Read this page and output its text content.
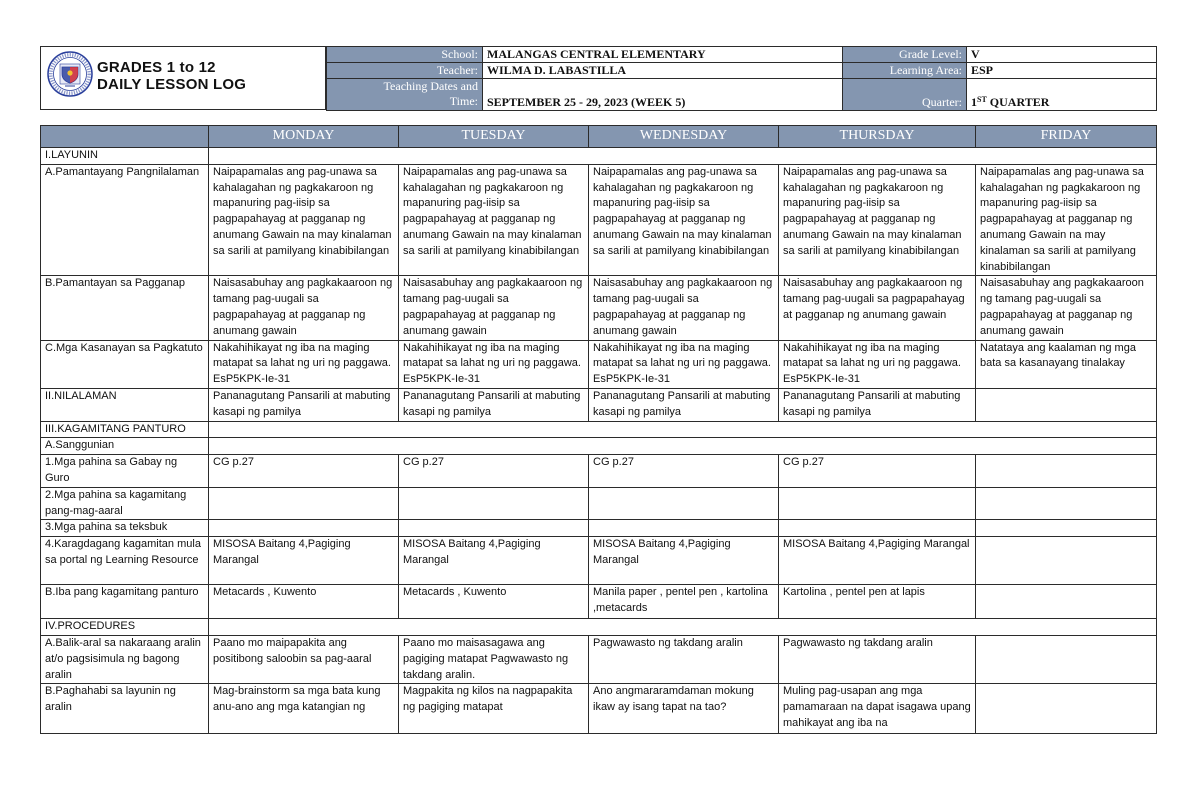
GRADES 1 to 12
DAILY LESSON LOG
School:	MALANGAS CENTRAL ELEMENTARY	Grade Level:	V
Teacher:	WILMA D. LABASTILLA	Learning Area:	ESP
Teaching Dates and
Time:	SEPTEMBER 25 - 29, 2023 (WEEK 5)	Quarter:	1ST QUARTER
	MONDAY	TUESDAY	WEDNESDAY	THURSDAY	FRIDAY
I.LAYUNIN					
A.Pamantayang Pangnilalaman	Naipapamalas ang pag-unawa sa kahalagahan ng pagkakaroon ng mapanuring pag-iisip sa pagpapahayag at pagganap ng anumang Gawain na may kinalaman sa sarili at pamilyang kinabibilangan	Naipapamalas ang pag-unawa sa kahalagahan ng pagkakaroon ng mapanuring pag-iisip sa pagpapahayag at pagganap ng anumang Gawain na may kinalaman sa sarili at pamilyang kinabibilangan	Naipapamalas ang pag-unawa sa kahalagahan ng pagkakaroon ng mapanuring pag-iisip sa pagpapahayag at pagganap ng anumang Gawain na may kinalaman sa sarili at pamilyang kinabibilangan	Naipapamalas ang pag-unawa sa kahalagahan ng pagkakaroon ng mapanuring pag-iisip sa pagpapahayag at pagganap ng anumang Gawain na may kinalaman sa sarili at pamilyang kinabibilangan	Naipapamalas ang pag-unawa sa kahalagahan ng pagkakaroon ng mapanuring pag-iisip sa pagpapahayag at pagganap ng anumang Gawain na may kinalaman sa sarili at pamilyang kinabibilangan
B.Pamantayan sa Pagganap	Naisasabuhay ang pagkakaaroon ng tamang pag-uugali sa pagpapahayag at pagganap ng anumang gawain	Naisasabuhay ang pagkakaaroon ng tamang pag-uugali sa pagpapahayag at pagganap ng anumang gawain	Naisasabuhay ang pagkakaaroon ng tamang pag-uugali sa pagpapahayag at pagganap ng anumang gawain	Naisasabuhay ang pagkakaaroon ng tamang pag-uugali sa pagpapahayag at pagganap ng anumang gawain	Naisasabuhay ang pagkakaaroon ng tamang pag-uugali sa pagpapahayag at pagganap ng anumang gawain
C.Mga Kasanayan sa Pagkatuto	Nakahihikayat ng iba na maging matapat sa lahat ng uri ng paggawa. EsP5KPK-Ie-31	Nakahihikayat ng iba na maging matapat sa lahat ng uri ng paggawa. EsP5KPK-Ie-31	Nakahihikayat ng iba na maging matapat sa lahat ng uri ng paggawa. EsP5KPK-Ie-31	Nakahihikayat ng iba na maging matapat sa lahat ng uri ng paggawa. EsP5KPK-Ie-31	Natataya ang kaalaman ng mga bata sa kasanayang tinalakay
II.NILALAMAN	Pananagutang Pansarili at mabuting kasapi ng pamilya	Pananagutang Pansarili at mabuting kasapi ng pamilya	Pananagutang Pansarili at mabuting kasapi ng pamilya	Pananagutang Pansarili at mabuting kasapi ng pamilya	
III.KAGAMITANG PANTURO					
A.Sanggunian					
1.Mga pahina sa Gabay ng Guro	CG p.27	CG p.27	CG p.27	CG p.27	
2.Mga pahina sa kagamitang pang-mag-aaral					
3.Mga pahina sa teksbuk					
4.Karagdagang kagamitan mula sa portal ng Learning Resource	MISOSA Baitang 4,Pagiging Marangal	MISOSA Baitang 4,Pagiging Marangal	MISOSA Baitang 4,Pagiging Marangal	MISOSA Baitang 4,Pagiging Marangal	
B.Iba pang kagamitang panturo	Metacards , Kuwento	Metacards , Kuwento	Manila paper , pentel pen , kartolina ,metacards	Kartolina , pentel pen at lapis	
IV.PROCEDURES					
A.Balik-aral sa nakaraang aralin at/o pagsisimula ng bagong aralin	Paano mo maipapakita ang positibong saloobin sa pag-aaral	Paano mo maisasagawa ang pagiging matapat Pagwawasto ng takdang aralin.	Pagwawasto ng takdang aralin	Pagwawasto ng takdang aralin	
B.Paghahabi sa layunin ng aralin	Mag-brainstorm sa mga bata kung anu-ano ang mga katangian ng	Magpakita ng kilos na nagpapakita ng pagiging matapat	Ano angmararamdaman mokung ikaw ay isang tapat na tao?	Muling pag-usapan ang mga pamamaraan na dapat isagawa upang mahikayat ang iba na	
